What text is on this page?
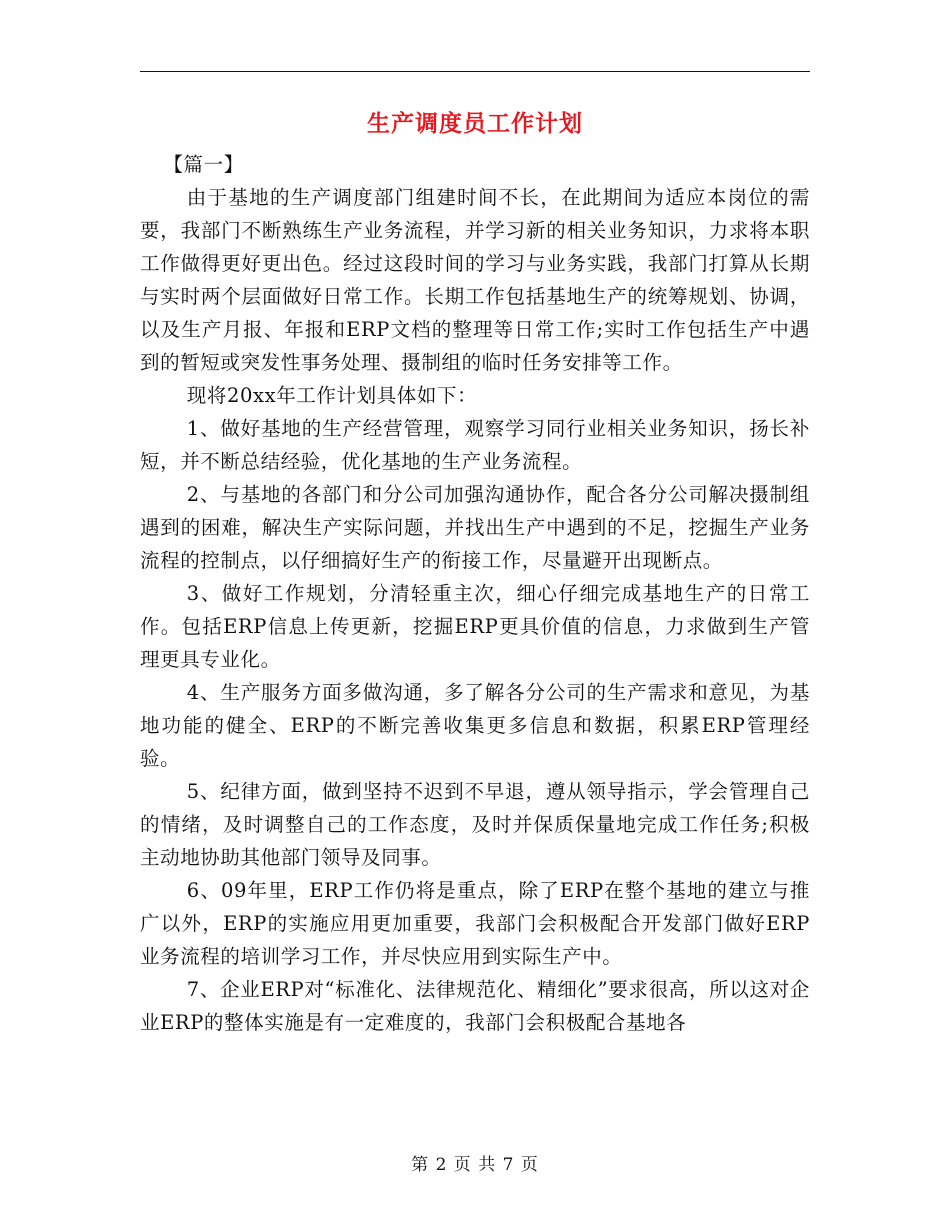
生产调度员工作计划

【篇一】

由于基地的生产调度部门组建时间不长，在此期间为适应本岗位的需要，我部门不断熟练生产业务流程，并学习新的相关业务知识，力求将本职工作做得更好更出色。经过这段时间的学习与业务实践，我部门打算从长期与实时两个层面做好日常工作。长期工作包括基地生产的统筹规划、协调，以及生产月报、年报和ERP文档的整理等日常工作;实时工作包括生产中遇到的暂短或突发性事务处理、摄制组的临时任务安排等工作。

现将20xx年工作计划具体如下：

1、做好基地的生产经营管理，观察学习同行业相关业务知识，扬长补短，并不断总结经验，优化基地的生产业务流程。

2、与基地的各部门和分公司加强沟通协作，配合各分公司解决摄制组遇到的困难，解决生产实际问题，并找出生产中遇到的不足，挖掘生产业务流程的控制点，以仔细搞好生产的衔接工作，尽量避开出现断点。

3、做好工作规划，分清轻重主次，细心仔细完成基地生产的日常工作。包括ERP信息上传更新，挖掘ERP更具价值的信息，力求做到生产管理更具专业化。

4、生产服务方面多做沟通，多了解各分公司的生产需求和意见，为基地功能的健全、ERP的不断完善收集更多信息和数据，积累ERP管理经验。

5、纪律方面，做到坚持不迟到不早退，遵从领导指示，学会管理自己的情绪，及时调整自己的工作态度，及时并保质保量地完成工作任务;积极主动地协助其他部门领导及同事。

6、09年里，ERP工作仍将是重点，除了ERP在整个基地的建立与推广以外，ERP的实施应用更加重要，我部门会积极配合开发部门做好ERP业务流程的培训学习工作，并尽快应用到实际生产中。

7、企业ERP对“标准化、法律规范化、精细化”要求很高，所以这对企业ERP的整体实施是有一定难度的，我部门会积极配合基地各

第 2 页 共 7 页
